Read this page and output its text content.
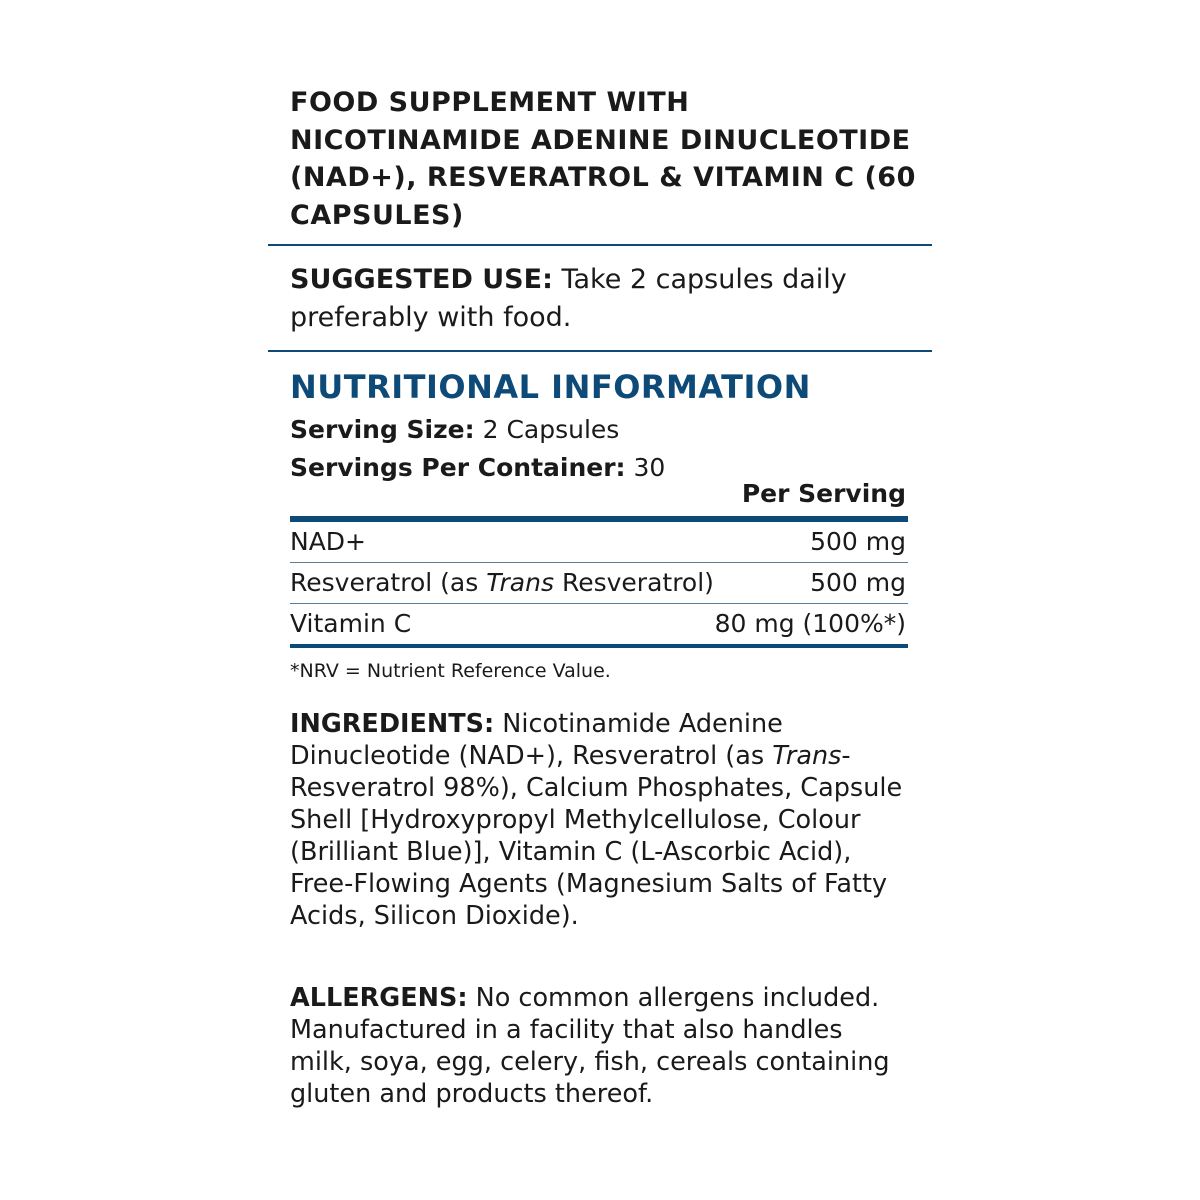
FOOD SUPPLEMENT WITH NICOTINAMIDE ADENINE DINUCLEOTIDE (NAD+), RESVERATROL & VITAMIN C (60 CAPSULES)

SUGGESTED USE: Take 2 capsules daily preferably with food.

NUTRITIONAL INFORMATION

Serving Size: 2 Capsules

Servings Per Container: 30

Per Serving
NAD+	500 mg
Resveratrol (as Trans Resveratrol)	500 mg
Vitamin C	80 mg (100%*)

*NRV = Nutrient Reference Value.

INGREDIENTS: Nicotinamide Adenine Dinucleotide (NAD+), Resveratrol (as Trans-Resveratrol 98%), Calcium Phosphates, Capsule Shell [Hydroxypropyl Methylcellulose, Colour (Brilliant Blue)], Vitamin C (L-Ascorbic Acid), Free-Flowing Agents (Magnesium Salts of Fatty Acids, Silicon Dioxide).

ALLERGENS: No common allergens included. Manufactured in a facility that also handles milk, soya, egg, celery, fish, cereals containing gluten and products thereof.
